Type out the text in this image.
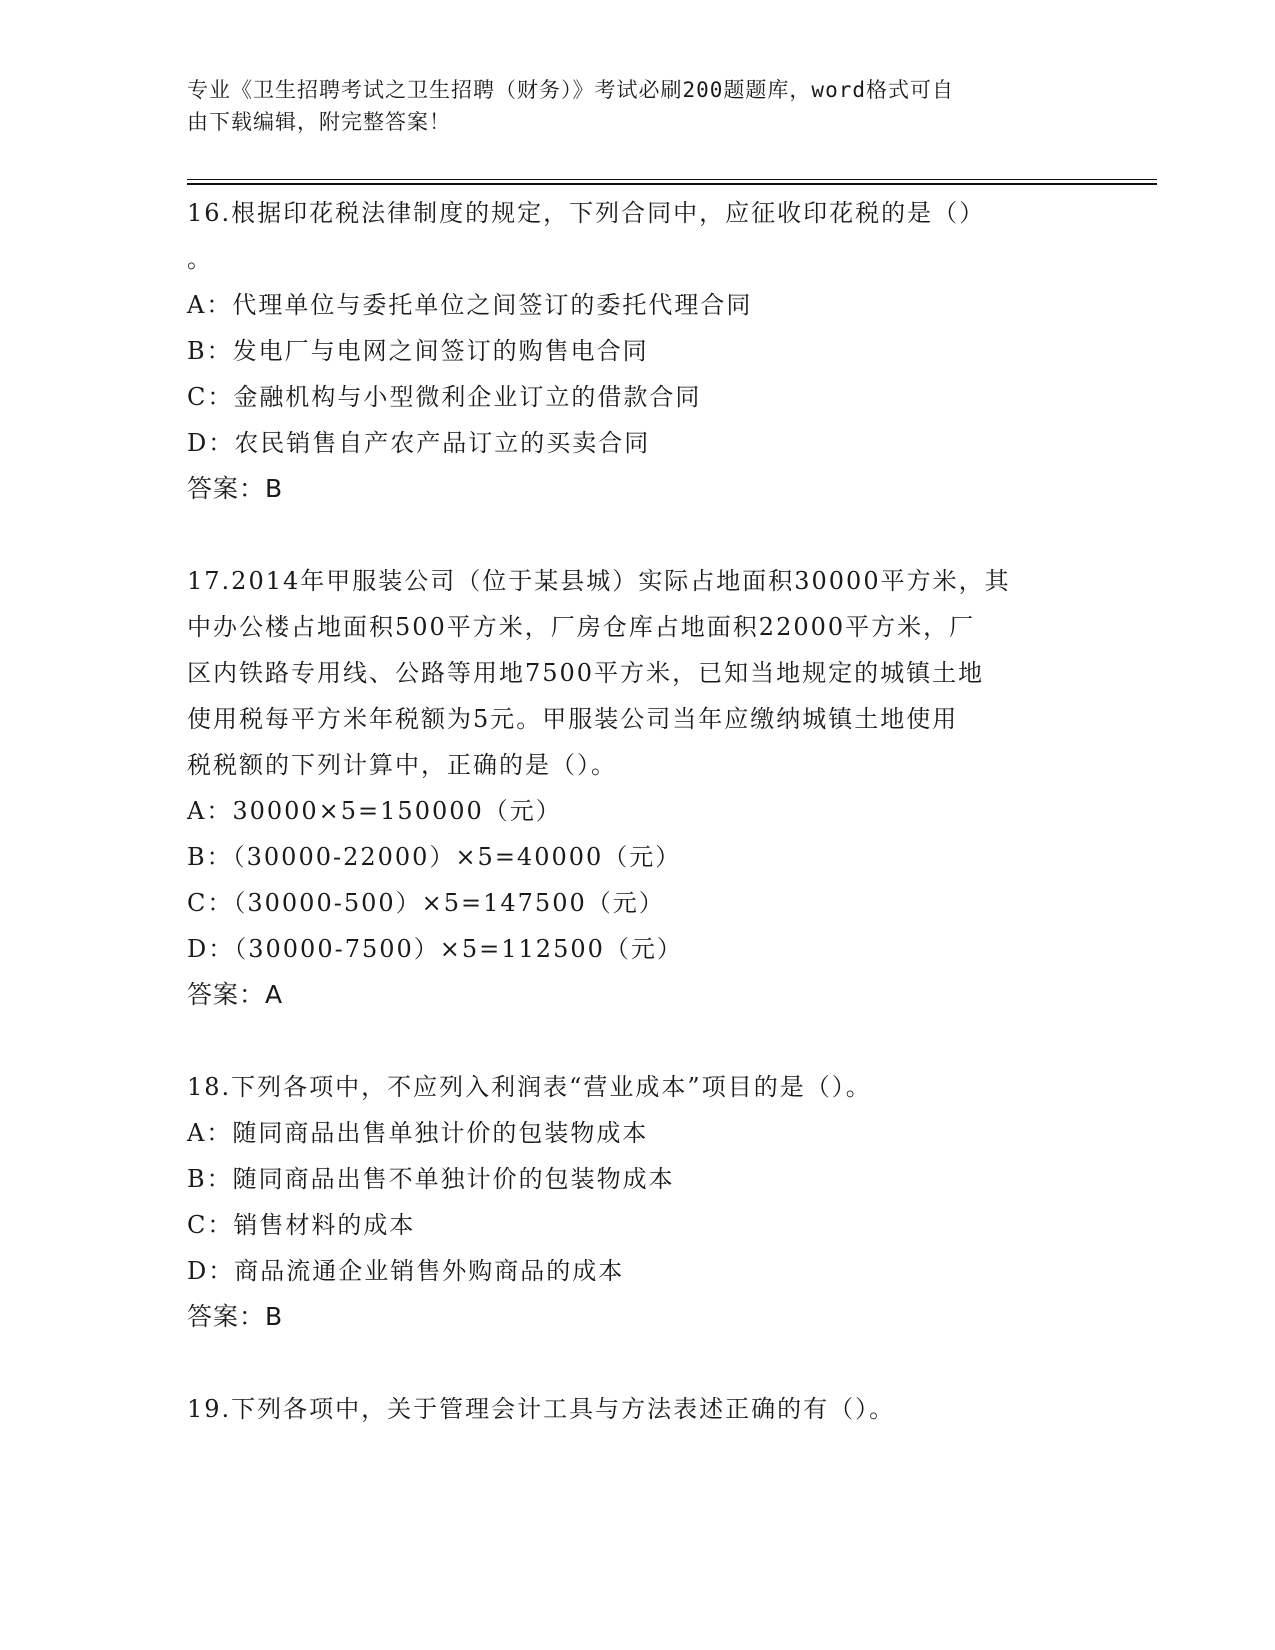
专业《卫生招聘考试之卫生招聘（财务）》考试必刷200题题库，word格式可自
由下载编辑，附完整答案！
16.根据印花税法律制度的规定，下列合同中，应征收印花税的是（）
。
A：代理单位与委托单位之间签订的委托代理合同
B：发电厂与电网之间签订的购售电合同
C：金融机构与小型微利企业订立的借款合同
D：农民销售自产农产品订立的买卖合同
答案：B
17.2014年甲服装公司（位于某县城）实际占地面积30000平方米，其
中办公楼占地面积500平方米，厂房仓库占地面积22000平方米，厂
区内铁路专用线、公路等用地7500平方米，已知当地规定的城镇土地
使用税每平方米年税额为5元。甲服装公司当年应缴纳城镇土地使用
税税额的下列计算中，正确的是（）。
A：30000×5=150000（元）
B：（30000-22000）×5=40000（元）
C：（30000-500）×5=147500（元）
D：（30000-7500）×5=112500（元）
答案：A
18.下列各项中，不应列入利润表“营业成本”项目的是（）。
A：随同商品出售单独计价的包装物成本
B：随同商品出售不单独计价的包装物成本
C：销售材料的成本
D：商品流通企业销售外购商品的成本
答案：B
19.下列各项中，关于管理会计工具与方法表述正确的有（）。
